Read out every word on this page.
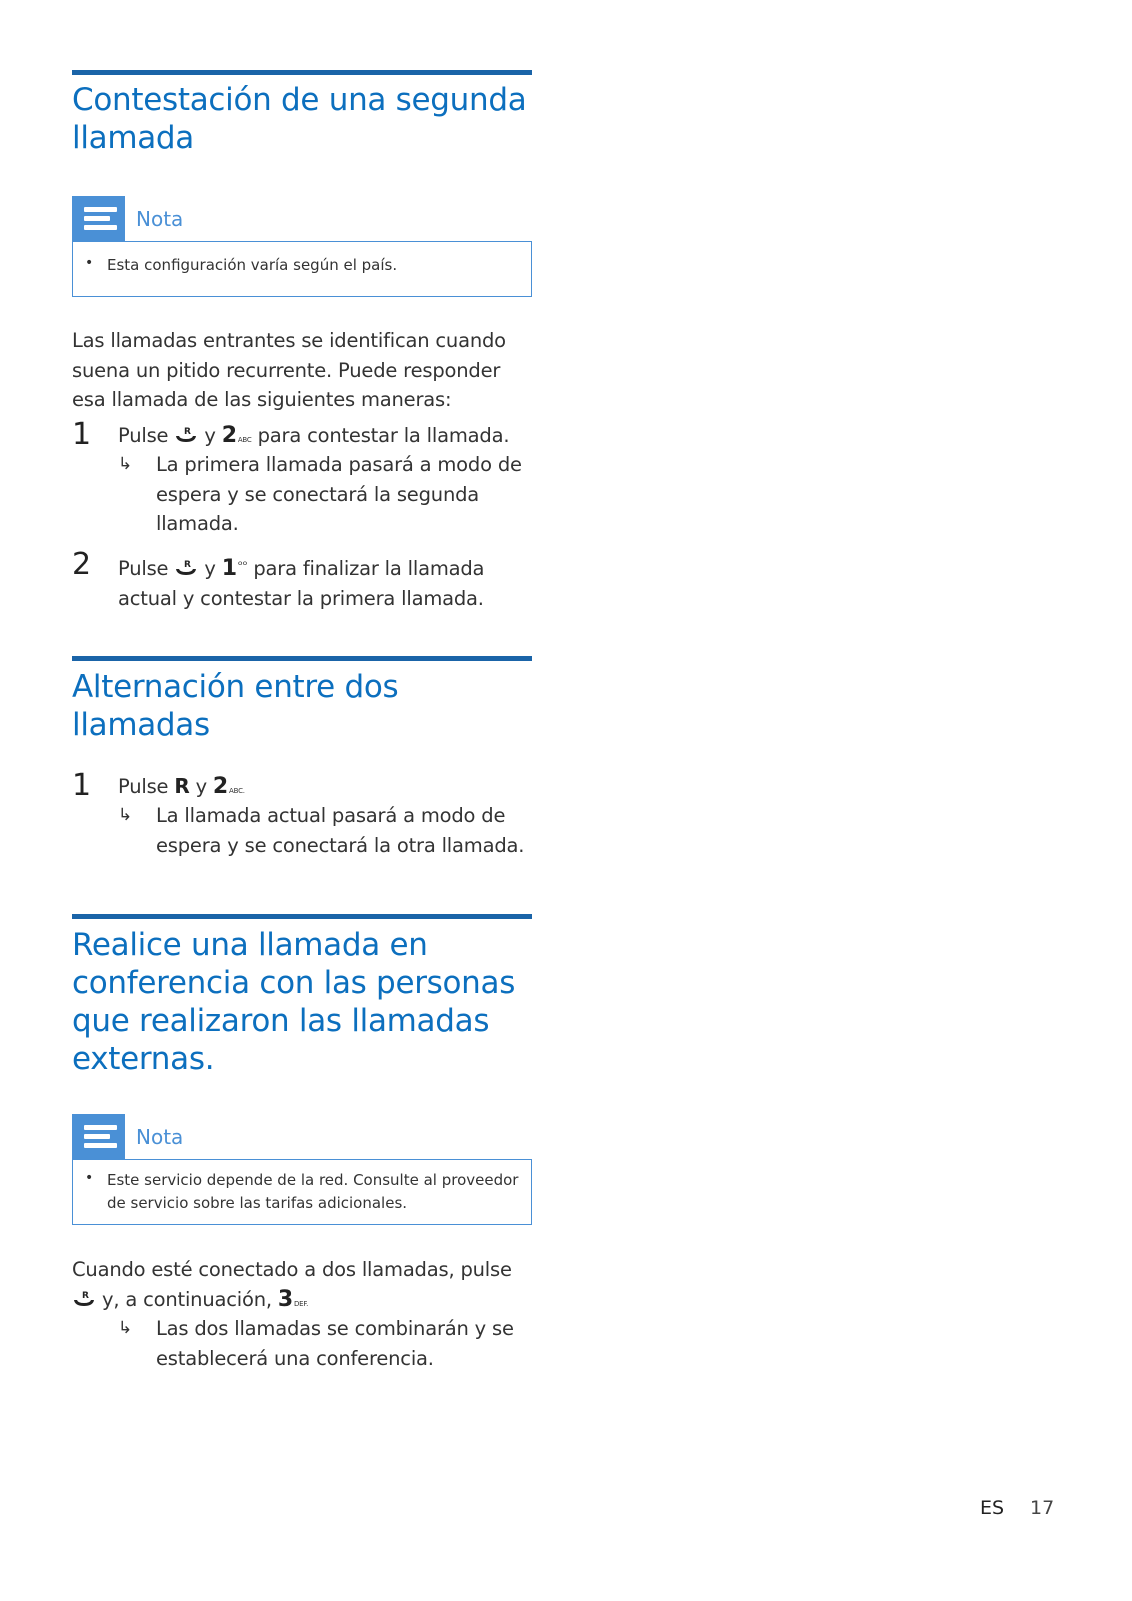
Contestación de una segunda llamada
Nota
• Esta configuración varía según el país.

Las llamadas entrantes se identifican cuando suena un pitido recurrente. Puede responder esa llamada de las siguientes maneras:

1 Pulse R y 2ABC para contestar la llamada.
↳ La primera llamada pasará a modo de espera y se conectará la segunda llamada.
2 Pulse R y $1^{ᵒᵒ}$ para finalizar la llamada actual y contestar la primera llamada.
Alternación entre dos llamadas
1 Pulse R y 2ABC.
↳ La llamada actual pasará a modo de espera y se conectará la otra llamada.
Realice una llamada en conferencia con las personas que realizaron las llamadas externas.
Nota
• Este servicio depende de la red. Consulte al proveedor de servicio sobre las tarifas adicionales.

Cuando esté conectado a dos llamadas, pulse

R y, a continuación, 3DEF.

↳ Las dos llamadas se combinarán y se establecerá una conferencia.
ES 17
